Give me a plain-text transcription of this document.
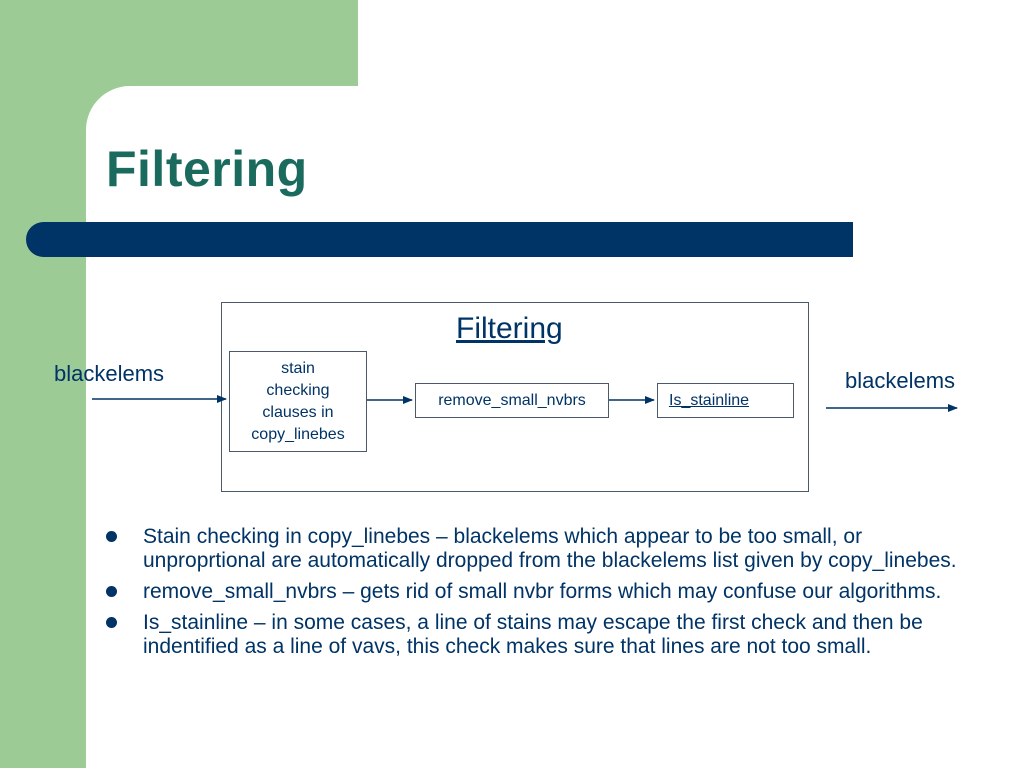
Filtering
Filtering
stain
checking
clauses in
copy_linebes
remove_small_nvbrs	Is_stainline
blackelems	blackelems
Stain checking in copy_linebes – blackelems which appear to be too small, or unproprtional are automatically dropped from the blackelems list given by copy_linebes.
remove_small_nvbrs – gets rid of small nvbr forms which may confuse our algorithms.
Is_stainline – in some cases, a line of stains may escape the first check and then be indentified as a line of vavs, this check makes sure that lines are not too small.
